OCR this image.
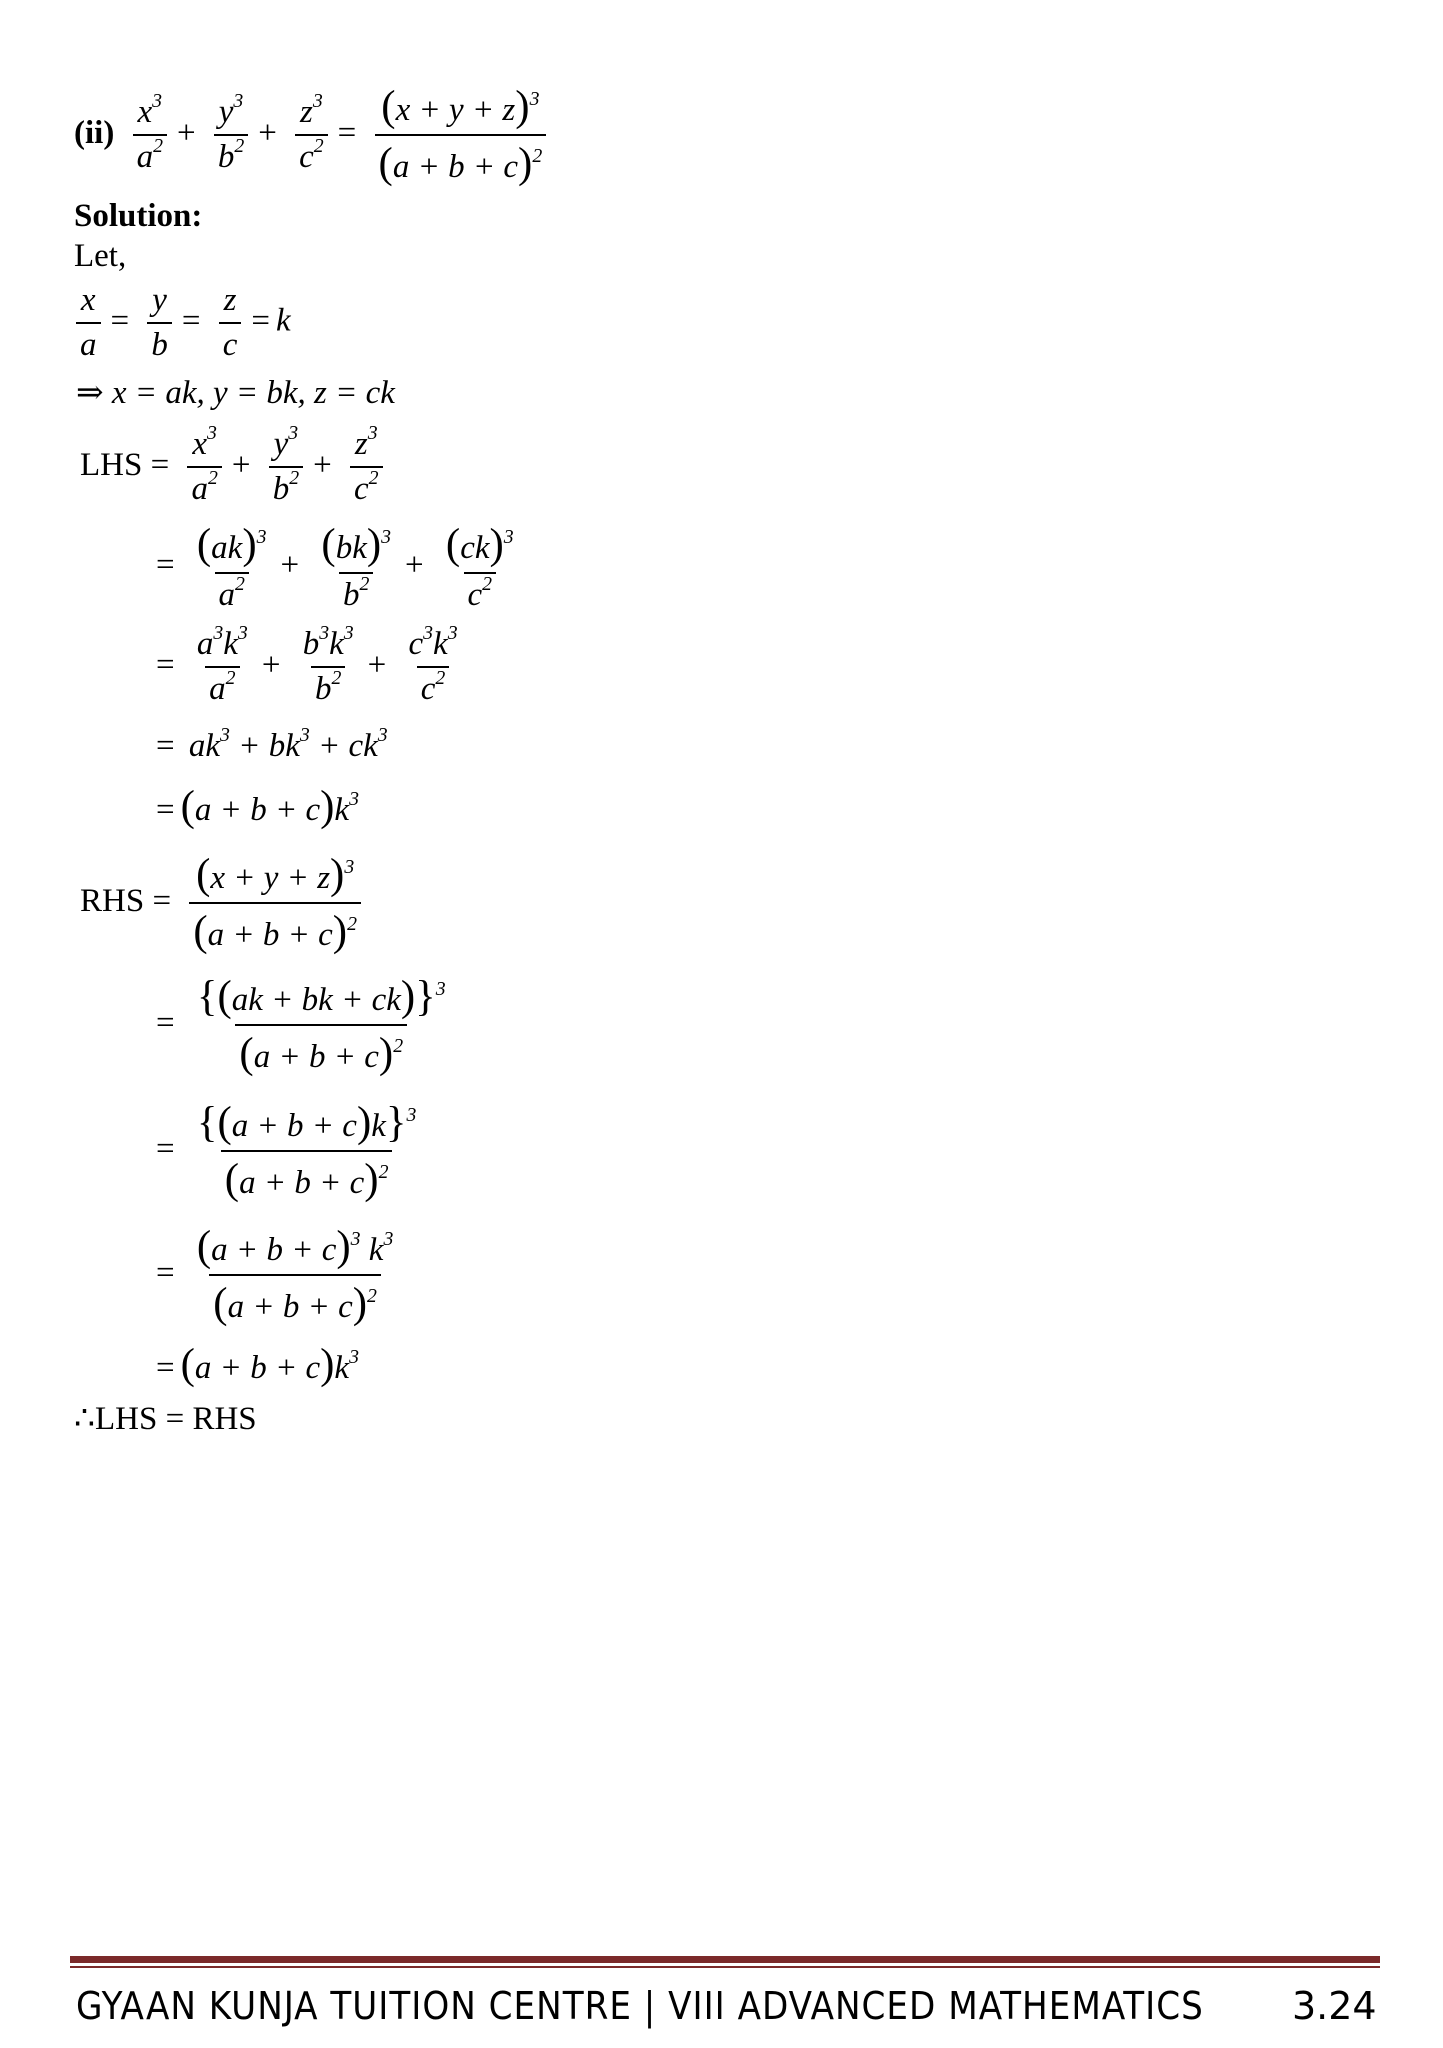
$(ii) \frac{x^3}{a^2} + \frac{y^3}{b^2} + \frac{z^3}{c^2} = \frac{(x + y + z)^3}{(a + b + c)^2}$
Solution:
Let,
$\frac{x}{a} = \frac{y}{b} = \frac{z}{c} = k$
⇒ x = ak, y = bk, z = ck
LHS = $\frac{x^3}{a^2} + \frac{y^3}{b^2} + \frac{z^3}{c^2}$
= $\frac{(ak)^3}{a^2} + \frac{(bk)^3}{b^2} + \frac{(ck)^3}{c^2}$
= $\frac{a^3k^3}{a^2} + \frac{b^3k^3}{b^2} + \frac{c^3k^3}{c^2}$
= $ak^3 + bk^3 + ck^3$
= $(a + b + c)k^3$
RHS = $\frac{(x + y + z)^3}{(a + b + c)^2}$
= $\frac{\{(ak + bk + ck)\}^3}{(a + b + c)^2}$
= $\frac{\{(a + b + c)k\}^3}{(a + b + c)^2}$
= $\frac{(a + b + c)^3 k^3}{(a + b + c)^2}$
= $(a + b + c)k^3$
∴LHS = RHS
GYAAN KUNJA TUITION CENTRE | VIII ADVANCED MATHEMATICS 3.24
